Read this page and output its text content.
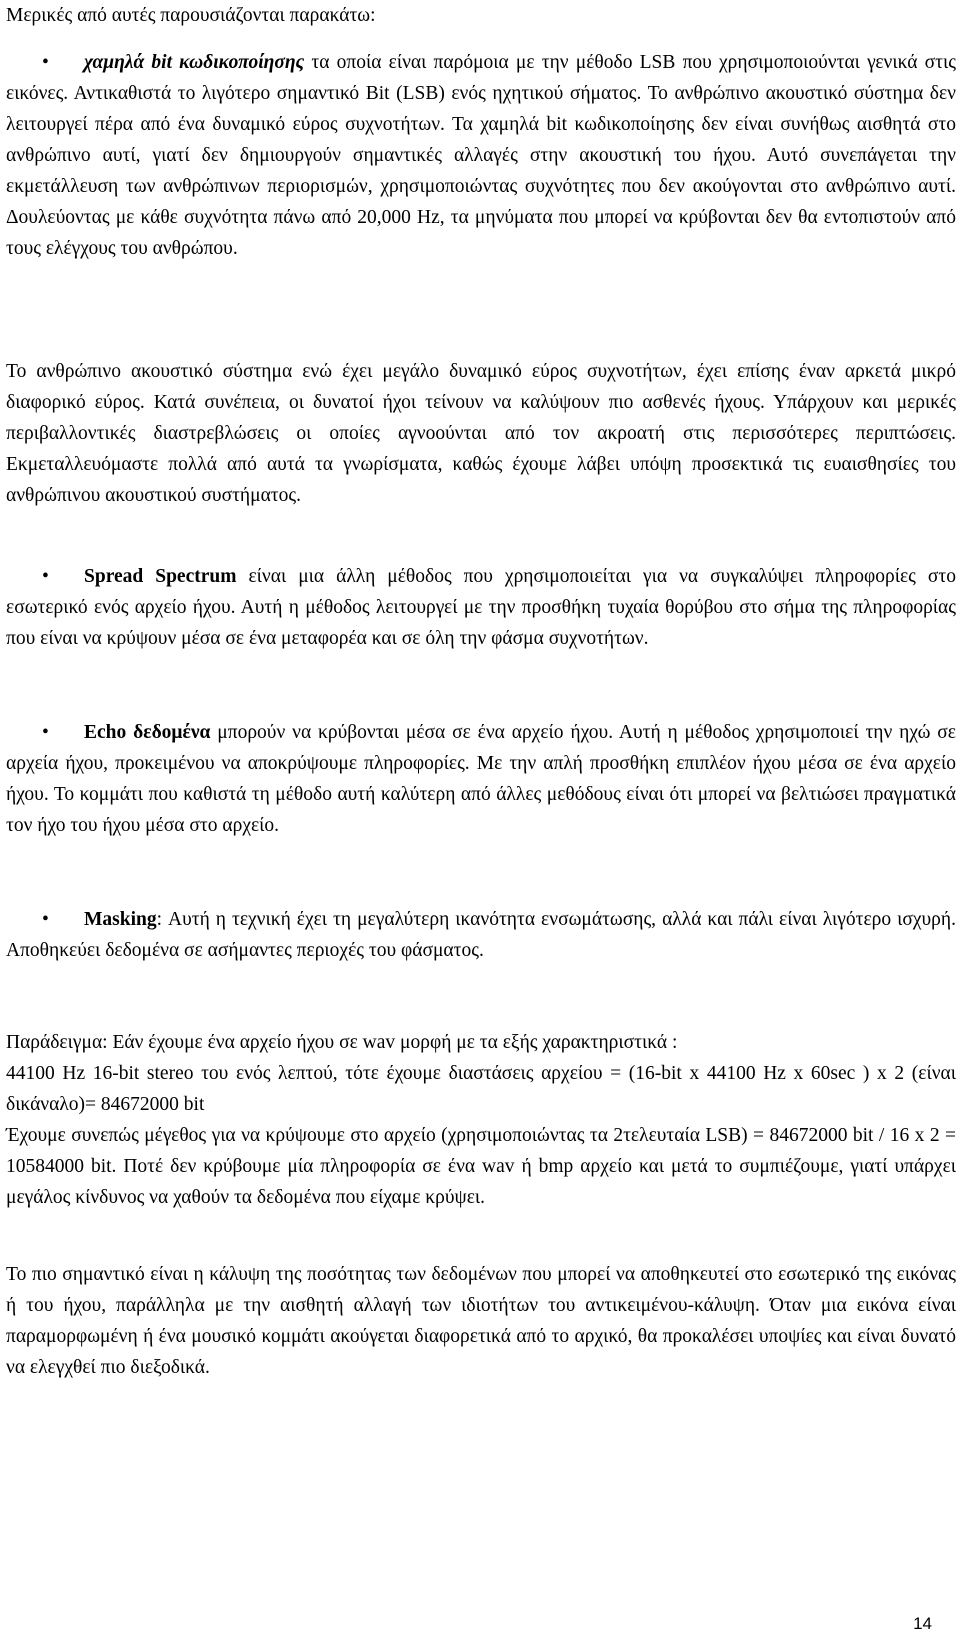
Μερικές από αυτές παρουσιάζονται παρακάτω:

•	χαμηλά bit κωδικοποίησης τα οποία είναι παρόμοια με την μέθοδο LSB που χρησιμοποιούνται γενικά στις εικόνες. Αντικαθιστά το λιγότερο σημαντικό Bit (LSB) ενός ηχητικού σήματος. Το ανθρώπινο ακουστικό σύστημα δεν λειτουργεί πέρα από ένα δυναμικό εύρος συχνοτήτων. Τα χαμηλά bit κωδικοποίησης δεν είναι συνήθως αισθητά στο ανθρώπινο αυτί, γιατί δεν δημιουργούν σημαντικές αλλαγές στην ακουστική του ήχου. Αυτό συνεπάγεται την εκμετάλλευση των ανθρώπινων περιορισμών, χρησιμοποιώντας συχνότητες που δεν ακούγονται στο ανθρώπινο αυτί. Δουλεύοντας με κάθε συχνότητα πάνω από 20,000 Hz, τα μηνύματα που μπορεί να κρύβονται δεν θα εντοπιστούν από τους ελέγχους του ανθρώπου.

Το ανθρώπινο ακουστικό σύστημα ενώ έχει μεγάλο δυναμικό εύρος συχνοτήτων, έχει επίσης έναν αρκετά μικρό διαφορικό εύρος. Κατά συνέπεια, οι δυνατοί ήχοι τείνουν να καλύψουν πιο ασθενές ήχους. Υπάρχουν και μερικές περιβαλλοντικές διαστρεβλώσεις οι οποίες αγνοούνται από τον ακροατή στις περισσότερες περιπτώσεις. Εκμεταλλευόμαστε πολλά από αυτά τα γνωρίσματα, καθώς έχουμε λάβει υπόψη προσεκτικά τις ευαισθησίες του ανθρώπινου ακουστικού συστήματος.

•	Spread Spectrum είναι μια άλλη μέθοδος που χρησιμοποιείται για να συγκαλύψει πληροφορίες στο εσωτερικό ενός αρχείο ήχου. Αυτή η μέθοδος λειτουργεί με την προσθήκη τυχαία θορύβου στο σήμα της πληροφορίας που είναι να κρύψουν μέσα σε ένα μεταφορέα και σε όλη την φάσμα συχνοτήτων.

•	Echo δεδομένα μπορούν να κρύβονται μέσα σε ένα αρχείο ήχου. Αυτή η μέθοδος χρησιμοποιεί την ηχώ σε αρχεία ήχου, προκειμένου να αποκρύψουμε πληροφορίες. Με την απλή προσθήκη επιπλέον ήχου μέσα σε ένα αρχείο ήχου. Το κομμάτι που καθιστά τη μέθοδο αυτή καλύτερη από άλλες μεθόδους είναι ότι μπορεί να βελτιώσει πραγματικά τον ήχο του ήχου μέσα στο αρχείο.

•	Masking: Αυτή η τεχνική έχει τη μεγαλύτερη ικανότητα ενσωμάτωσης, αλλά και πάλι είναι λιγότερο ισχυρή. Αποθηκεύει δεδομένα σε ασήμαντες περιοχές του φάσματος.

Παράδειγμα: Εάν έχουμε ένα αρχείο ήχου σε wav μορφή με τα εξής χαρακτηριστικά :
44100 Hz 16-bit stereo του ενός λεπτού, τότε έχουμε διαστάσεις αρχείου = (16-bit x 44100 Hz x 60sec ) x 2 (είναι δικάναλο)= 84672000 bit
Έχουμε συνεπώς μέγεθος για να κρύψουμε στο αρχείο (χρησιμοποιώντας τα 2τελευταία LSB) = 84672000 bit / 16 x 2 = 10584000 bit. Ποτέ δεν κρύβουμε μία πληροφορία σε ένα wav ή bmp αρχείο και μετά το συμπιέζουμε, γιατί υπάρχει μεγάλος κίνδυνος να χαθούν τα δεδομένα που είχαμε κρύψει.

Το πιο σημαντικό είναι η κάλυψη της ποσότητας των δεδομένων που μπορεί να αποθηκευτεί στο εσωτερικό της εικόνας ή του ήχου, παράλληλα με την αισθητή αλλαγή των ιδιοτήτων του αντικειμένου-κάλυψη. Όταν μια εικόνα είναι παραμορφωμένη ή ένα μουσικό κομμάτι ακούγεται διαφορετικά από το αρχικό, θα προκαλέσει υποψίες και είναι δυνατό να ελεγχθεί πιο διεξοδικά.

14
